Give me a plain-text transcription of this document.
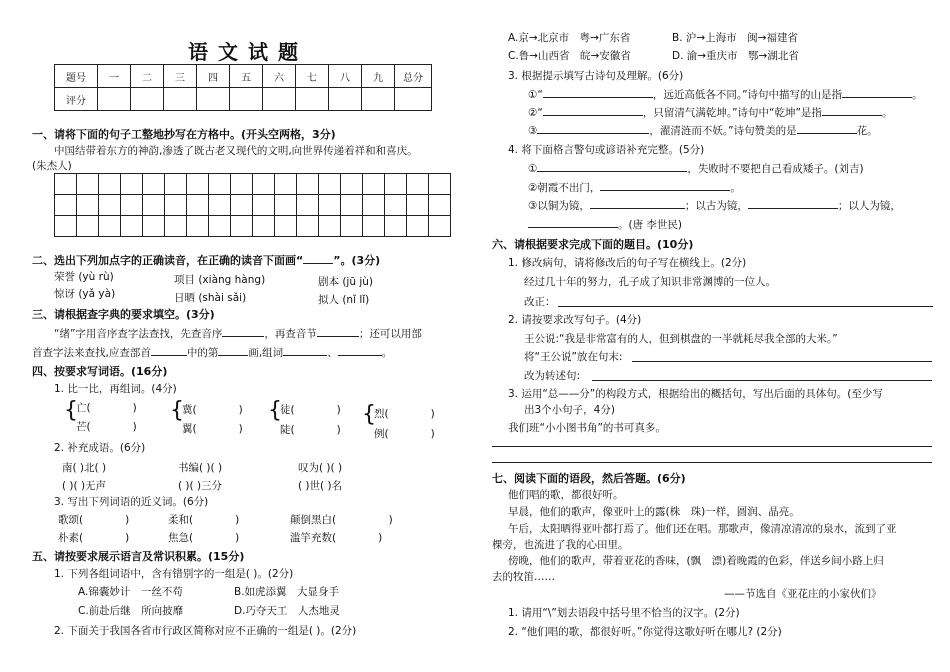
语文试题
题号	一	二	三	四	五	六	七	八	九	总分
评分										
一、请将下面的句子工整地抄写在方格中。(开头空两格，3分)
中国结带着东方的神韵,渗透了既古老又现代的文明,向世界传递着祥和和喜庆。
(朱杰人)

二、选出下列加点字的正确读音，在正确的读音下面画“	”。(3分)
荣誉 (yù rù)	项目 (xiàng hàng)	剧本 (jū jù)
惊讶 (yǎ yà)	日晒 (shài sǎi)	拟人 (nǐ lǐ)
三、请根据查字典的要求填空。(3分)
“绪”字用音序查字法查找，先查音序	，再查音节	；还可以用部
首查字法来查找,应查部首	中的第	画,组词	、	。
四、按要求写词语。(16分)
1. 比一比，再组词。(4分)
{
亡(　　　　)
芒(　　　　)
{
冀(　　　　)
翼(　　　　)
{
徒(　　　　)
陡(　　　　)
{
烈(　　　　)
例(　　　　)
2. 补充成语。(6分)
南( )北( )	书编( )( )	叹为( )( )
( )( )无声	( )( )三分	( )世( )名
3. 写出下列词语的近义词。(6分)
歌颂(　　　　)	柔和(　　　　)	颠倒黑白(　　　　　)
朴素(　　　　)	焦急(　　　　)	滥竽充数(　　　　)
五、请按要求展示语言及常识积累。(15分)
1. 下列各组词语中，含有错别字的一组是( )。(2分)
A.锦囊妙计　一丝不苟	B.如虎添翼　大显身手
C.前赴后继　所向披靡	D.巧夺天工　人杰地灵
2. 下面关于我国各省市行政区简称对应不正确的一组是( )。(2分)
A.京→北京市　粤→广东省	B. 沪→上海市　闽→福建省
C.鲁→山西省　皖→安徽省	D. 渝→重庆市　鄂→湖北省
3. 根据提示填写古诗句及理解。(6分)
①“	，远近高低各不同。”诗句中描写的山是指	。
②“	，只留清气满乾坤。”诗句中“乾坤”是指	。
③	，濯清涟而不妖。”诗句赞美的是	花。
4. 将下面格言警句或谚语补充完整。(5分)
①	，失败时不要把自己看成矮子。(刘吉)
②朝霞不出门，	。
③以铜为镜，	；以古为镜，	；以人为镜，
。(唐 李世民)
六、请根据要求完成下面的题目。(10分)
1. 修改病句，请将修改后的句子写在横线上。(2分)
经过几十年的努力，孔子成了知识非常渊博的一位人。
改正：
2. 请按要求改写句子。(4分)
王公说:“我是非常富有的人，但到棋盘的一半就耗尽我全部的大米。”
将“王公说”放在句末:
改为转述句:
3. 运用“总——分”的构段方式，根据给出的概括句，写出后面的具体句。(至少写
出3个小句子，4分)
我们班“小小图书角”的书可真多。
七、阅读下面的语段，然后答题。(6分)
他们唱的歌，都很好听。
早晨，他们的歌声，像亚叶上的露(株　珠)一样，圆润、晶亮。
午后，太阳晒得亚叶都打焉了。他们还在唱。那歌声，像清凉清凉的泉水，流到了亚
棵旁，也流进了我的心田里。
傍晚，他们的歌声，带着亚花的香味，(飘　漂)着晚霞的色彩，伴送乡间小路上归
去的牧笛……
——节选自《亚花庄的小家伙们》
1. 请用“\”划去语段中括号里不恰当的汉字。(2分)
2. “他们唱的歌，都很好听。”你觉得这歌好听在哪儿? (2分)
